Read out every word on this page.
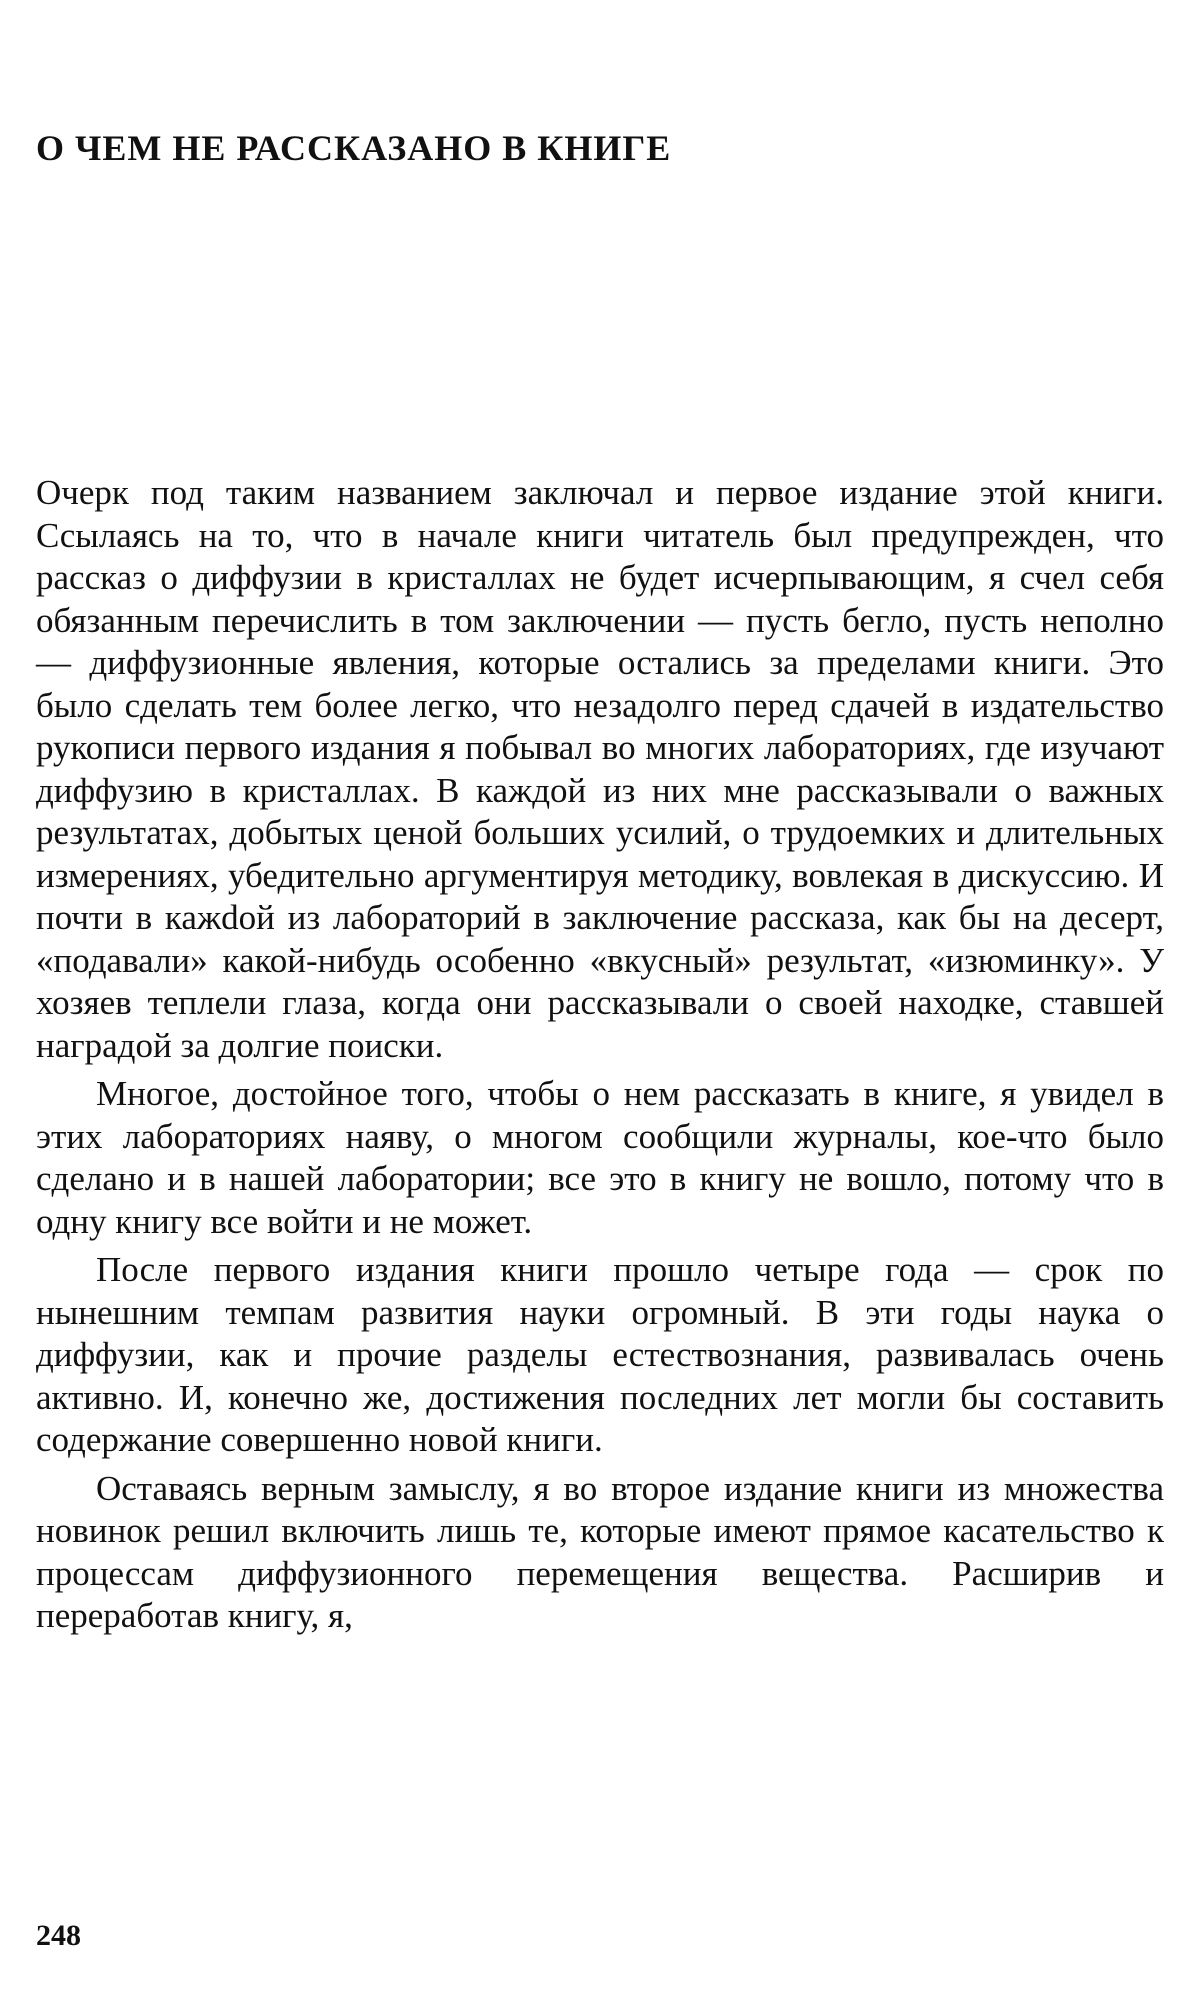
О ЧЕМ НЕ РАССКАЗАНО В КНИГЕ

Очерк под таким названием заключал и первое издание этой книги. Ссылаясь на то, что в начале книги читатель был предупрежден, что рассказ о диффузии в кристаллах не будет исчерпывающим, я счел себя обязанным перечислить в том заключении — пусть бегло, пусть неполно — диффузионные явления, которые остались за пределами книги. Это было сделать тем более легко, что незадолго перед сдачей в издательство рукописи первого издания я побывал во многих лабораториях, где изучают диффузию в кристаллах. В каждой из них мне рассказывали о важных результатах, добытых ценой больших усилий, о трудоемких и длительных измерениях, убедительно аргументируя методику, вовлекая в дискуссию. И почти в кажdой из лабораторий в заключение рассказа, как бы на десерт, «подавали» какой-нибудь особенно «вкусный» результат, «изюминку». У хозяев теплели глаза, когда они рассказывали о своей находке, ставшей наградой за долгие поиски.

Многое, достойное того, чтобы о нем рассказать в книге, я увидел в этих лабораториях наяву, о многом сообщили журналы, кое-что было сделано и в нашей лаборатории; все это в книгу не вошло, потому что в одну книгу все войти и не может.

После первого издания книги прошло четыре года — срок по нынешним темпам развития науки огромный. В эти годы наука о диффузии, как и прочие разделы естествознания, развивалась очень активно. И, конечно же, достижения последних лет могли бы составить содержание совершенно новой книги.

Оставаясь верным замыслу, я во второе издание книги из множества новинок решил включить лишь те, которые имеют прямое касательство к процессам диффузионного перемещения вещества. Расширив и переработав книгу, я,

248
